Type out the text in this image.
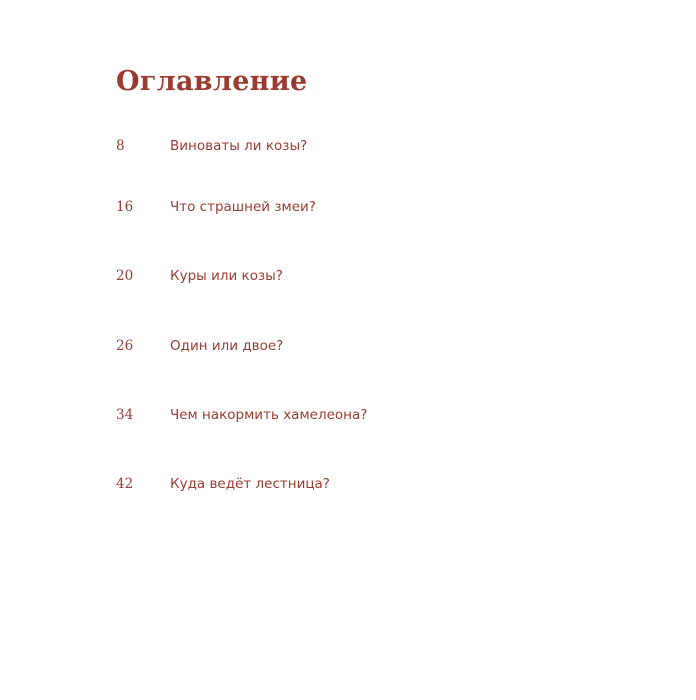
Оглавление
8	Виноваты ли козы?
16	Что страшней змеи?
20	Куры или козы?
26	Один или двое?
34	Чем накормить хамелеона?
42	Куда ведёт лестница?
